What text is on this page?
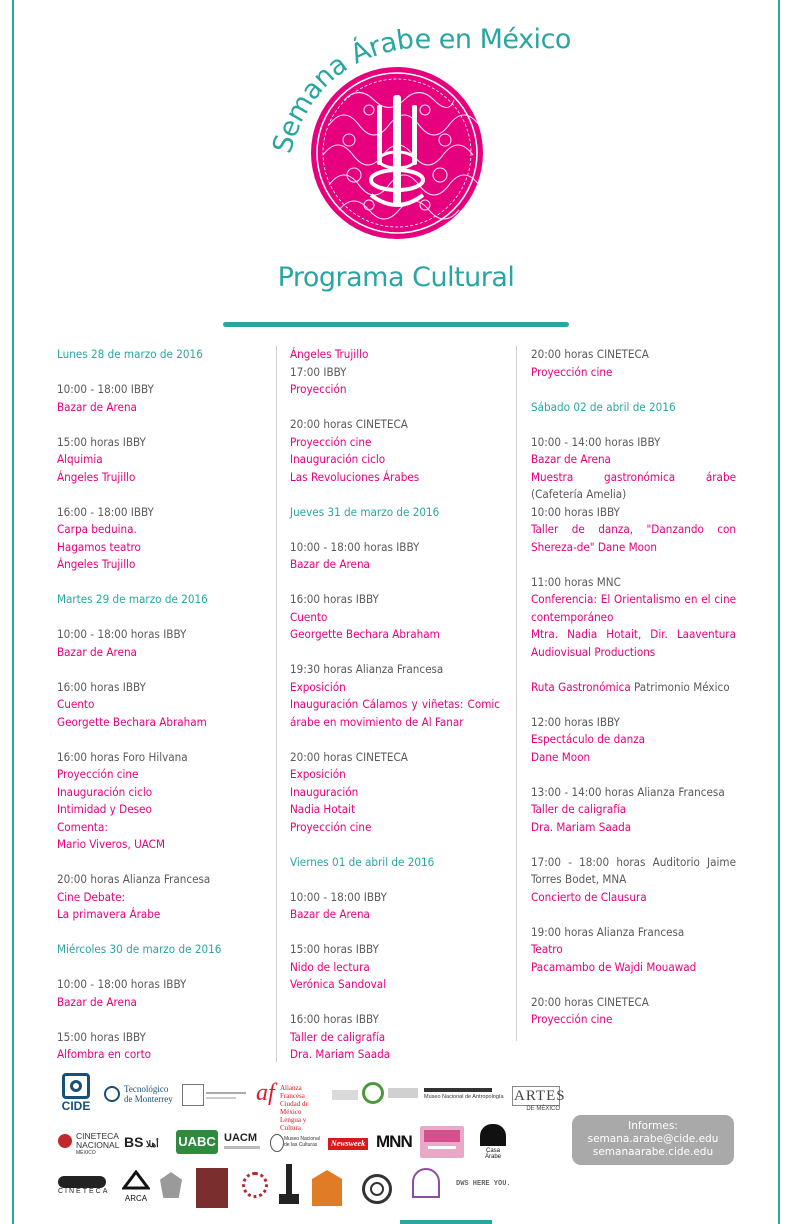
Semana Árabe en México
Programa Cultural
Lunes 28 de marzo de 2016
10:00 - 18:00 IBBY
Bazar de Arena
15:00 horas IBBY
Alquimia
Ángeles Trujillo
16:00 - 18:00 IBBY
Carpa beduina.
Hagamos teatro
Ángeles Trujillo
Martes 29 de marzo de 2016
10:00 - 18:00 horas IBBY
Bazar de Arena
16:00 horas IBBY
Cuento
Georgette Bechara Abraham
16:00 horas Foro Hilvana
Proyección cine
Inauguración ciclo
Intimidad y Deseo
Comenta:
Mario Viveros, UACM
20:00 horas Alianza Francesa
Cine Debate:
La primavera Árabe
Miércoles 30 de marzo de 2016
10:00 - 18:00 horas IBBY
Bazar de Arena
15:00 horas IBBY
Alfombra en corto
Ángeles Trujillo
17:00 IBBY
Proyección
20:00 horas CINETECA
Proyección cine
Inauguración ciclo
Las Revoluciones Árabes
Jueves 31 de marzo de 2016
10:00 - 18:00 horas IBBY
Bazar de Arena
16:00 horas IBBY
Cuento
Georgette Bechara Abraham
19:30 horas Alianza Francesa
Exposición
Inauguración Cálamos y viñetas: Comic árabe en movimiento de Al Fanar
20:00 horas CINETECA
Exposición
Inauguración
Nadia Hotait
Proyección cine
Viernes 01 de abril de 2016
10:00 - 18:00 IBBY
Bazar de Arena
15:00 horas IBBY
Nido de lectura
Verónica Sandoval
16:00 horas IBBY
Taller de caligrafía
Dra. Mariam Saada
20:00 horas CINETECA
Proyección cine
Sábado 02 de abril de 2016
10:00 - 14:00 horas IBBY
Bazar de Arena
Muestra gastronómica árabe (Cafetería Amelia)
10:00 horas IBBY
Taller de danza, "Danzando con Shereza-de" Dane Moon
11:00 horas MNC
Conferencia: El Orientalismo en el cine contemporáneo
Mtra. Nadia Hotait, Dir. Laaventura Audiovisual Productions
Ruta Gastronómica Patrimonio México
12:00 horas IBBY
Espectáculo de danza
Dane Moon
13:00 - 14:00 horas Alianza Francesa
Taller de caligrafía
Dra. Mariam Saada
17:00 - 18:00 horas Auditorio Jaime Torres Bodet, MNA
Concierto de Clausura
19:00 horas Alianza Francesa
Teatro
Pacamambo de Wajdi Mouawad
20:00 horas CINETECA
Proyección cine
CIDE
Tecnológico
de Monterrey	af Alianza Francesa
Ciudad de México
Lengua y Cultura
Museo Nacional de Antropología ARTES
DE MÉXICO
CINETECA
NACIONAL
MÉXICO
BS أهلا	UABC UACM	Museo Nacional de las Culturas	Newsweek MNN	Casa Árabe
CINETECA
ARCA
DWS HERE YOU.
Informes:
semana.arabe@cide.edu
semanaarabe.cide.edu
